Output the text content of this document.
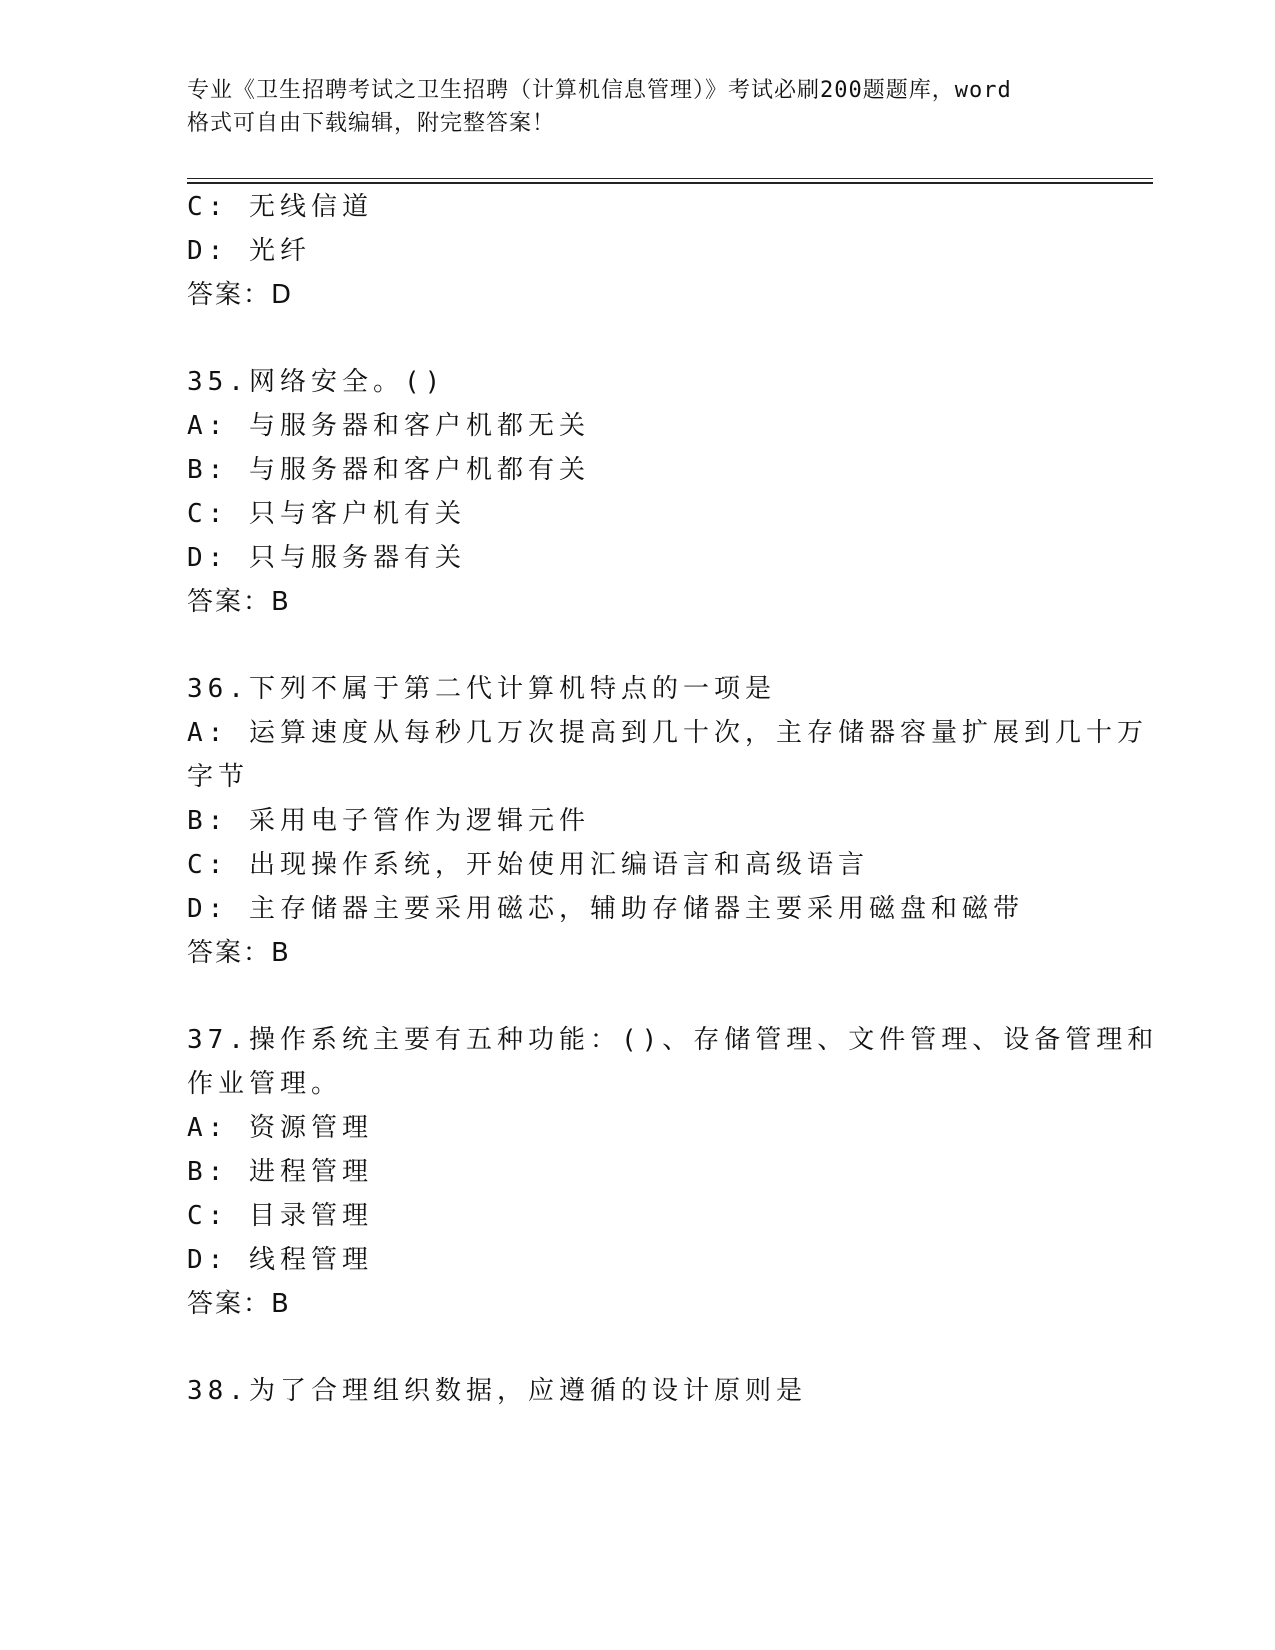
专业《卫生招聘考试之卫生招聘（计算机信息管理）》考试必刷200题题库，word
格式可自由下载编辑，附完整答案！
C: 无线信道
D: 光纤
答案：D
35.网络安全。()
A: 与服务器和客户机都无关
B: 与服务器和客户机都有关
C: 只与客户机有关
D: 只与服务器有关
答案：B
36.下列不属于第二代计算机特点的一项是
A: 运算速度从每秒几万次提高到几十次，主存储器容量扩展到几十万
字节
B: 采用电子管作为逻辑元件
C: 出现操作系统，开始使用汇编语言和高级语言
D: 主存储器主要采用磁芯，辅助存储器主要采用磁盘和磁带
答案：B
37.操作系统主要有五种功能：()、存储管理、文件管理、设备管理和
作业管理。
A: 资源管理
B: 进程管理
C: 目录管理
D: 线程管理
答案：B
38.为了合理组织数据，应遵循的设计原则是
